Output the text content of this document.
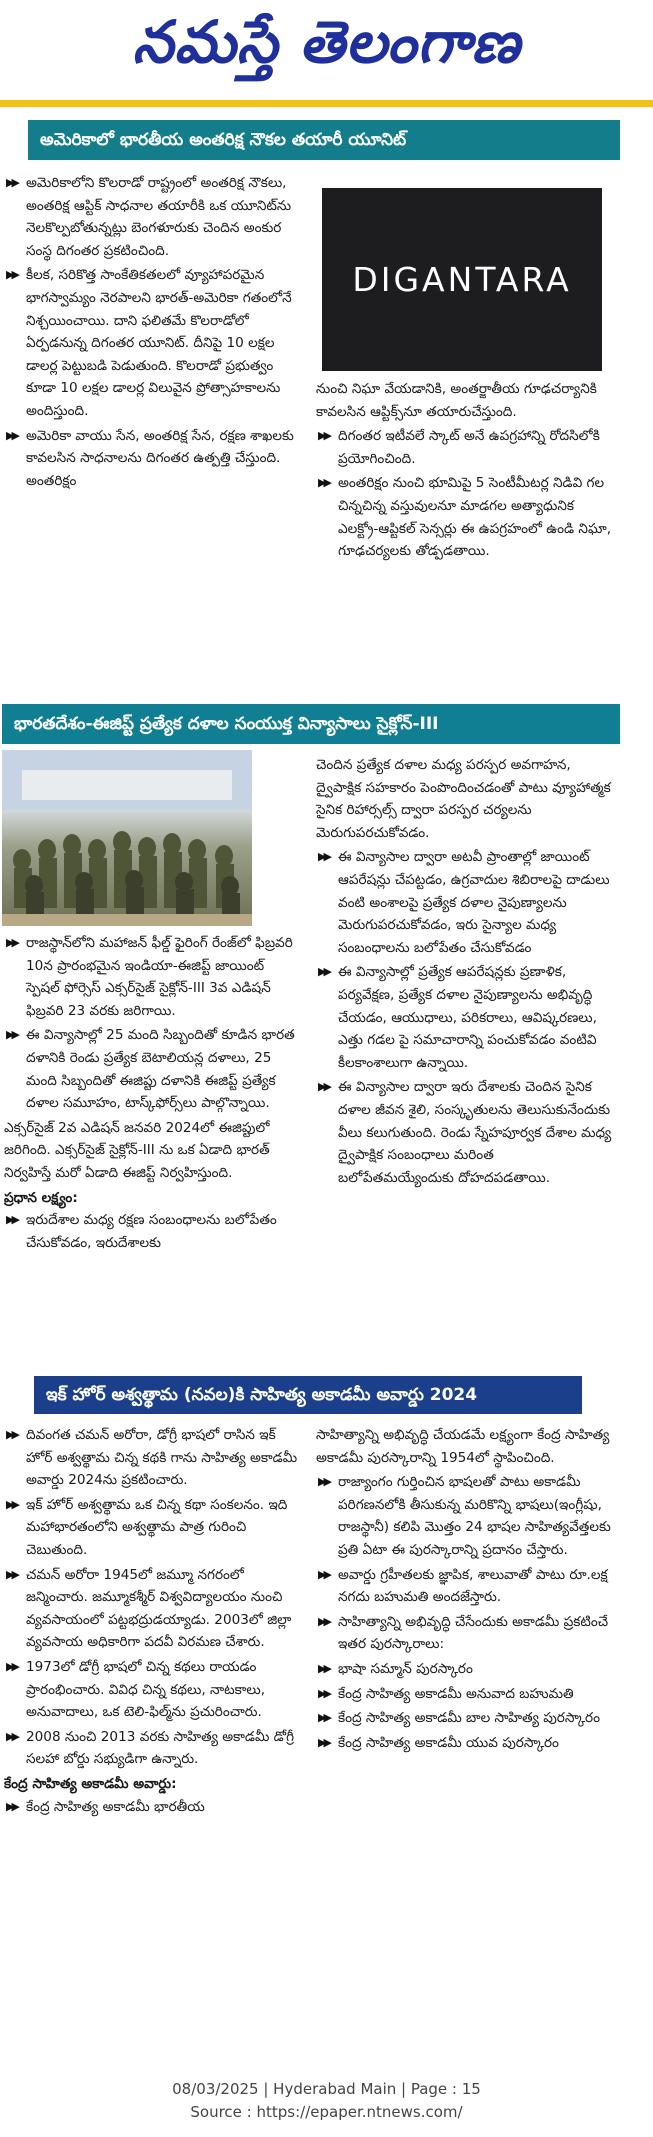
నమస్తే తెలంగాణ
అమెరికాలో భారతీయ అంతరిక్ష నౌకల తయారీ యూనిట్
▶▶ అమెరికాలోని కొలరాడో రాష్ట్రంలో అంతరిక్ష నౌకలు, అంతరిక్ష ఆప్టిక్ సాధనాల తయారీకి ఒక యూనిట్‌ను నెలకొల్పబోతున్నట్లు బెంగళూరుకు చెందిన అంకుర సంస్థ దిగంతర ప్రకటించింది.
▶▶ కీలక, సరికొత్త సాంకేతికతలలో వ్యూహాపరమైన భాగస్వామ్యం నెరపాలని భారత్-అమెరికా గతంలోనే నిశ్చయించాయి. దాని ఫలితమే కొలరాడోలో ఏర్పడనున్న దిగంతర యూనిట్. దీనిపై 10 లక్షల డాలర్ల పెట్టుబడి పెడుతుంది. కొలరాడో ప్రభుత్వం కూడా 10 లక్షల డాలర్ల విలువైన ప్రోత్సాహకాలను అందిస్తుంది.
▶▶ అమెరికా వాయు సేన, అంతరిక్ష సేన, రక్షణ శాఖలకు కావలసిన సాధనాలను దిగంతర ఉత్పత్తి చేస్తుంది. అంతరిక్షం
DIGANTARA
నుంచి నిఘా వేయడానికి, అంతర్జాతీయ గూఢచర్యానికి కావలసిన ఆప్టిక్స్‌నూ తయారుచేస్తుంది.
▶▶ దిగంతర ఇటీవలే స్కాట్ అనే ఉపగ్రహాన్ని రోదసిలోకి ప్రయోగించింది.
▶▶ అంతరిక్షం నుంచి భూమిపై 5 సెంటీమీటర్ల నిడివి గల చిన్నచిన్న వస్తువులనూ మాడగల అత్యాధునిక ఎలక్ట్రో-ఆప్టికల్ సెన్సర్లు ఈ ఉపగ్రహంలో ఉండి నిఘా, గూఢచర్యలకు తోడ్పడతాయి.
భారతదేశం-ఈజిప్ట్ ప్రత్యేక దళాల సంయుక్త విన్యాసాలు సైక్లోన్-III
▶▶ రాజస్థాన్‌లోని మహాజన్ ఫీల్డ్ ఫైరింగ్ రేంజ్‌లో ఫిబ్రవరి 10న ప్రారంభమైన ఇండియా-ఈజిప్ట్ జాయింట్ స్పెషల్ ఫోర్సెస్ ఎక్సర్‌సైజ్ సైక్లోన్-III 3వ ఎడిషన్ ఫిబ్రవరి 23 వరకు జరిగాయి.
▶▶ ఈ విన్యాసాల్లో 25 మంది సిబ్బందితో కూడిన భారత దళానికి రెండు ప్రత్యేక బెటాలియన్ల దళాలు, 25 మంది సిబ్బందితో ఈజిప్టు దళానికి ఈజిప్ట్ ప్రత్యేక దళాల సమూహం, టాస్క్‌ఫోర్స్‌లు పాల్గొన్నాయి.
ఎక్సర్‌సైజ్ 2వ ఎడిషన్ జనవరి 2024లో ఈజిప్టులో జరిగింది. ఎక్సర్‌సైజ్ సైక్లోన్-III ను ఒక ఏడాది భారత్ నిర్వహిస్తే మరో ఏడాది ఈజిప్ట్ నిర్వహిస్తుంది.
ప్రధాన లక్ష్యం:
▶▶ ఇరుదేశాల మధ్య రక్షణ సంబంధాలను బలోపేతం చేసుకోవడం, ఇరుదేశాలకు
చెందిన ప్రత్యేక దళాల మధ్య పరస్పర అవగాహన, ద్వైపాక్షిక సహకారం పెంపొందించడంతో పాటు వ్యూహాత్మక సైనిక రిహార్సల్స్ ద్వారా పరస్పర చర్యలను మెరుగుపరచుకోవడం.
▶▶ ఈ విన్యాసాల ద్వారా అటవీ ప్రాంతాల్లో జాయింట్ ఆపరేషన్లు చేపట్టడం, ఉగ్రవాదుల శిబిరాలపై దాడులు వంటి అంశాలపై ప్రత్యేక దళాల నైపుణ్యాలను మెరుగుపరచుకోవడం, ఇరు సైన్యాల మధ్య సంబంధాలను బలోపేతం చేసుకోవడం
▶▶ ఈ విన్యాసాల్లో ప్రత్యేక ఆపరేషన్లకు ప్రణాళిక, పర్యవేక్షణ, ప్రత్యేక దళాల నైపుణ్యాలను అభివృద్ధి చేయడం, ఆయుధాలు, పరికరాలు, ఆవిష్కరణలు, ఎత్తు గడల పై సమాచారాన్ని పంచుకోవడం వంటివి కీలకాంశాలుగా ఉన్నాయి.
▶▶ ఈ విన్యాసాల ద్వారా ఇరు దేశాలకు చెందిన సైనిక దళాల జీవన శైలి, సంస్కృతులను తెలుసుకునేందుకు వీలు కలుగుతుంది. రెండు స్నేహపూర్వక దేశాల మధ్య ద్వైపాక్షిక సంబంధాలు మరింత బలోపేతమయ్యేందుకు దోహదపడతాయి.
ఇక్ హోర్ అశ్వత్థామ (నవల)కి సాహిత్య అకాడమీ అవార్డు 2024
▶▶ దివంగత చమన్ అరోరా, డోగ్రీ భాషలో రాసిన ఇక్ హోర్ అశ్వత్థామ చిన్న కథకి గాను సాహిత్య అకాడమీ అవార్డు 2024ను ప్రకటించారు.
▶▶ ఇక్ హోర్ అశ్వత్థామ ఒక చిన్న కథా సంకలనం. ఇది మహాభారతంలోని అశ్వత్థామ పాత్ర గురించి చెబుతుంది.
▶▶ చమన్ అరోరా 1945లో జమ్మూ నగరంలో జన్మించారు. జమ్మూకశ్మీర్ విశ్వవిద్యాలయం నుంచి వ్యవసాయంలో పట్టభద్రుడయ్యాడు. 2003లో జిల్లా వ్యవసాయ అధికారిగా పదవీ విరమణ చేశారు.
▶▶ 1973లో డోగ్రీ భాషలో చిన్న కథలు రాయడం ప్రారంభించారు. వివిధ చిన్న కథలు, నాటకాలు, అనువాదాలు, ఒక టెలి-ఫిల్మ్‌ను ప్రచురించారు.
▶▶ 2008 నుంచి 2013 వరకు సాహిత్య అకాడమీ డోగ్రీ సలహా బోర్డు సభ్యుడిగా ఉన్నారు.
కేంద్ర సాహిత్య అకాడమీ అవార్డు:
▶▶ కేంద్ర సాహిత్య అకాడమీ భారతీయ
సాహిత్యాన్ని అభివృద్ధి చేయడమే లక్ష్యంగా కేంద్ర సాహిత్య అకాడమీ పురస్కారాన్ని 1954లో స్థాపించింది.
▶▶ రాజ్యాంగం గుర్తించిన భాషలతో పాటు అకాడమీ పరిగణనలోకి తీసుకున్న మరికొన్ని భాషలు(ఇంగ్లీషు, రాజస్థానీ) కలిపి మొత్తం 24 భాషల సాహిత్యవేత్తలకు ప్రతి ఏటా ఈ పురస్కారాన్ని ప్రదానం చేస్తారు.
▶▶ అవార్డు గ్రహీతలకు జ్ఞాపిక, శాలువాతో పాటు రూ.లక్ష నగదు బహుమతి అందజేస్తారు.
▶▶ సాహిత్యాన్ని అభివృద్ధి చేసేందుకు అకాడమీ ప్రకటించే ఇతర పురస్కారాలు:
▶▶ భాషా సమ్మాన్ పురస్కారం
▶▶ కేంద్ర సాహిత్య అకాడమీ అనువాద బహుమతి
▶▶ కేంద్ర సాహిత్య అకాడమీ బాల సాహిత్య పురస్కారం
▶▶ కేంద్ర సాహిత్య అకాడమీ యువ పురస్కారం
08/03/2025 | Hyderabad Main | Page : 15
Source : https://epaper.ntnews.com/
